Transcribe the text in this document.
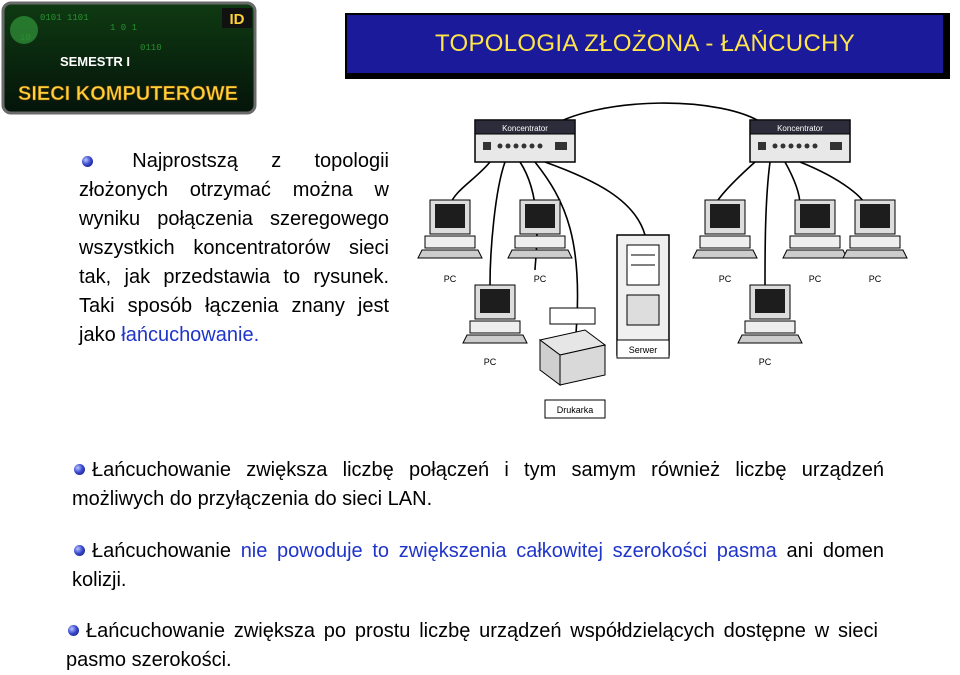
0101 1101
1 0 1
0110
ID
SEMESTR I
SIECI KOMPUTEROWE
TOPOLOGIA ZŁOŻONA - ŁAŃCUCHY
Najprostszą z topologii złożonych otrzymać można w wyniku połączenia szeregowego wszystkich koncentratorów sieci tak, jak przedstawia to rysunek. Taki sposób łączenia znany jest jako łańcuchowanie.
Koncentrator	Koncentrator
PC
PC
PC	PC
PC
PC	PC
Serwer
Drukarka
Łańcuchowanie zwiększa liczbę połączeń i tym samym również liczbę urządzeń możliwych do przyłączenia do sieci LAN.
Łańcuchowanie nie powoduje to zwiększenia całkowitej szerokości pasma ani domen kolizji.
Łańcuchowanie zwiększa po prostu liczbę urządzeń współdzielących dostępne w sieci pasmo szerokości.
